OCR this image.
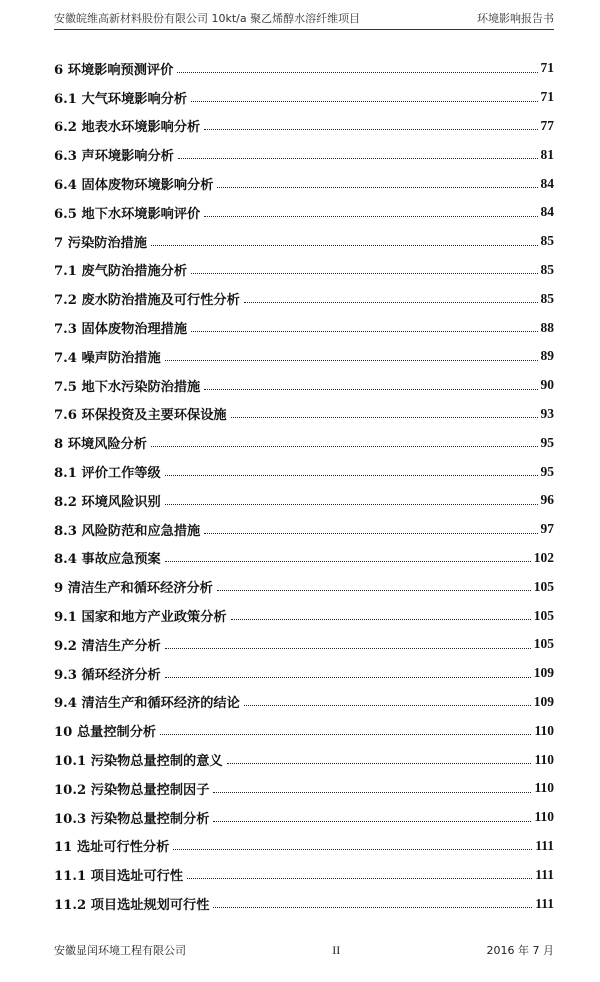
安徽皖维高新材料股份有限公司 10kt/a 聚乙烯醇水溶纤维项目	环境影响报告书
6 环境影响预测评价	71
6.1 大气环境影响分析	71
6.2 地表水环境影响分析	77
6.3 声环境影响分析	81
6.4 固体废物环境影响分析	84
6.5 地下水环境影响评价	84
7 污染防治措施	85
7.1 废气防治措施分析	85
7.2 废水防治措施及可行性分析	85
7.3 固体废物治理措施	88
7.4 噪声防治措施	89
7.5 地下水污染防治措施	90
7.6 环保投资及主要环保设施	93
8 环境风险分析	95
8.1 评价工作等级	95
8.2 环境风险识别	96
8.3 风险防范和应急措施	97
8.4 事故应急预案	102
9 清洁生产和循环经济分析	105
9.1 国家和地方产业政策分析	105
9.2 清洁生产分析	105
9.3 循环经济分析	109
9.4 清洁生产和循环经济的结论	109
10 总量控制分析	110
10.1 污染物总量控制的意义	110
10.2 污染物总量控制因子	110
10.3 污染物总量控制分析	110
11 选址可行性分析	111
11.1 项目选址可行性	111
11.2 项目选址规划可行性	111
安徽显闰环境工程有限公司	II	2016 年 7 月
